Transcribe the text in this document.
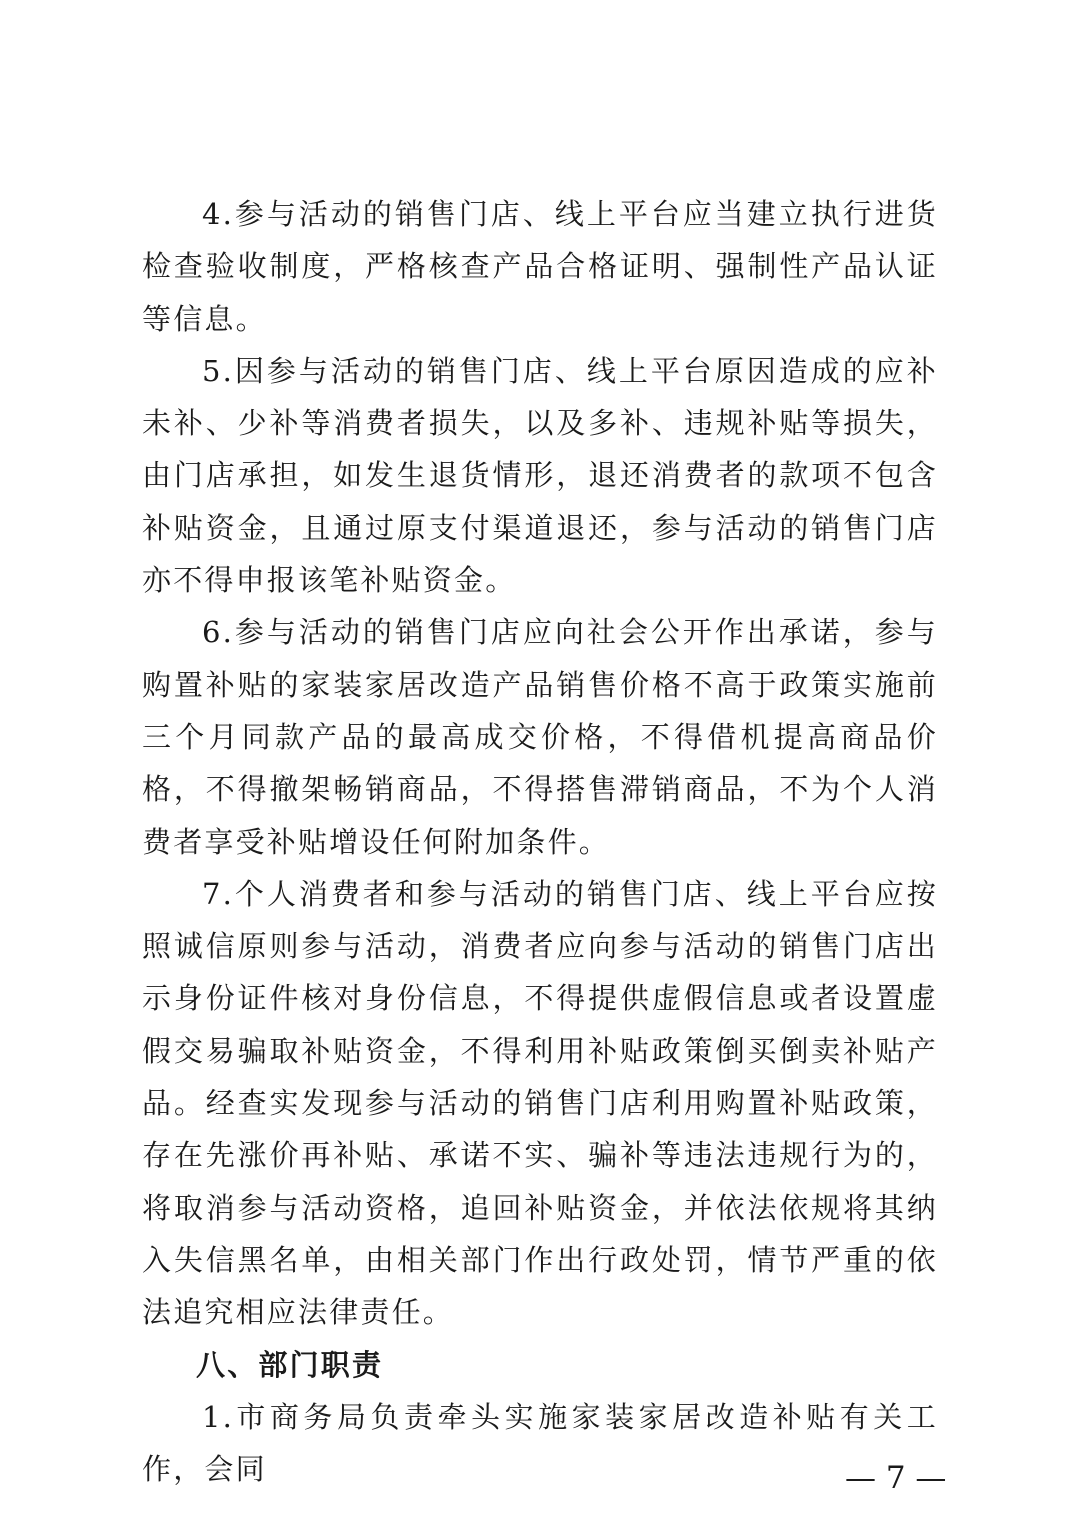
4.参与活动的销售门店、线上平台应当建立执行进货检查验收制度，严格核查产品合格证明、强制性产品认证等信息。

5.因参与活动的销售门店、线上平台原因造成的应补未补、少补等消费者损失，以及多补、违规补贴等损失，由门店承担，如发生退货情形，退还消费者的款项不包含补贴资金，且通过原支付渠道退还，参与活动的销售门店亦不得申报该笔补贴资金。

6.参与活动的销售门店应向社会公开作出承诺，参与购置补贴的家装家居改造产品销售价格不高于政策实施前三个月同款产品的最高成交价格，不得借机提高商品价格，不得撤架畅销商品，不得搭售滞销商品，不为个人消费者享受补贴增设任何附加条件。

7.个人消费者和参与活动的销售门店、线上平台应按照诚信原则参与活动，消费者应向参与活动的销售门店出示身份证件核对身份信息，不得提供虚假信息或者设置虚假交易骗取补贴资金，不得利用补贴政策倒买倒卖补贴产品。经查实发现参与活动的销售门店利用购置补贴政策，存在先涨价再补贴、承诺不实、骗补等违法违规行为的，将取消参与活动资格，追回补贴资金，并依法依规将其纳入失信黑名单，由相关部门作出行政处罚，情节严重的依法追究相应法律责任。

八、部门职责

1.市商务局负责牵头实施家装家居改造补贴有关工作，会同	— 7 —
